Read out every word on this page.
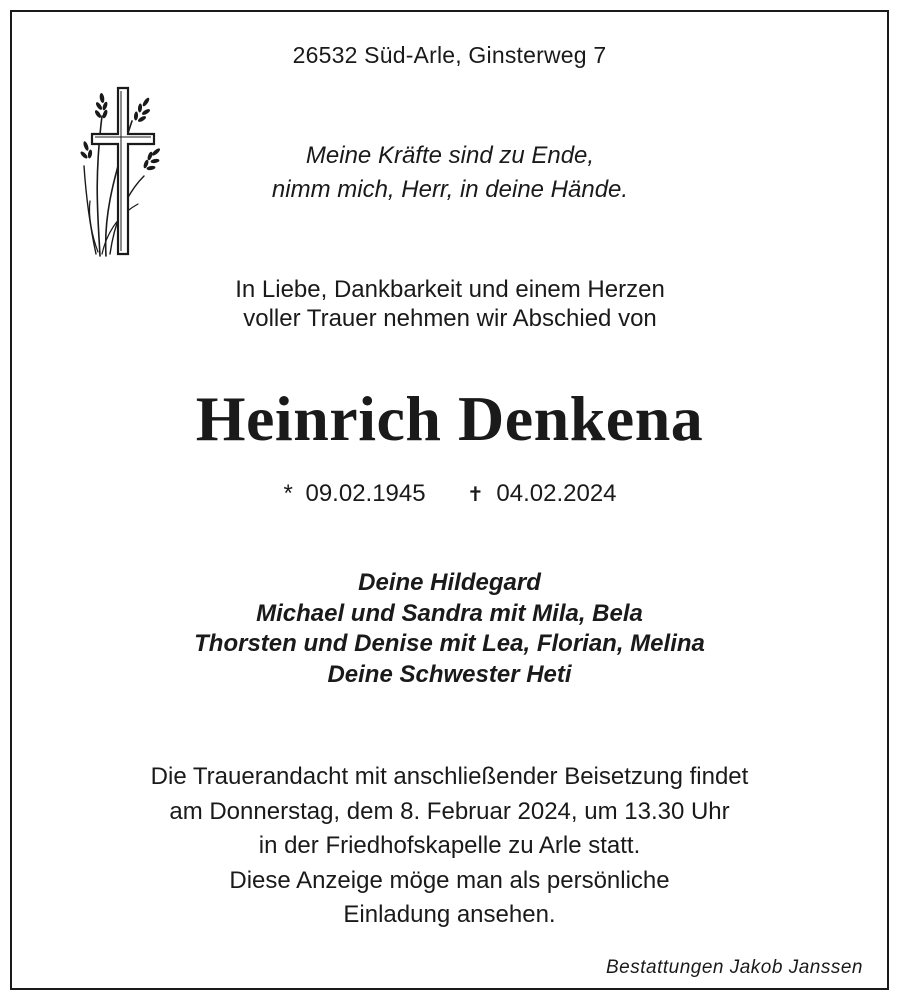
26532 Süd-Arle, Ginsterweg 7
Meine Kräfte sind zu Ende,
nimm mich, Herr, in deine Hände.
In Liebe, Dankbarkeit und einem Herzen
voller Trauer nehmen wir Abschied von
Heinrich Denkena
* 09.02.1945 ✝ 04.02.2024
Deine Hildegard
Michael und Sandra mit Mila, Bela
Thorsten und Denise mit Lea, Florian, Melina
Deine Schwester Heti
Die Trauerandacht mit anschließender Beisetzung findet
am Donnerstag, dem 8. Februar 2024, um 13.30 Uhr
in der Friedhofskapelle zu Arle statt.
Diese Anzeige möge man als persönliche
Einladung ansehen.
Bestattungen Jakob Janssen
